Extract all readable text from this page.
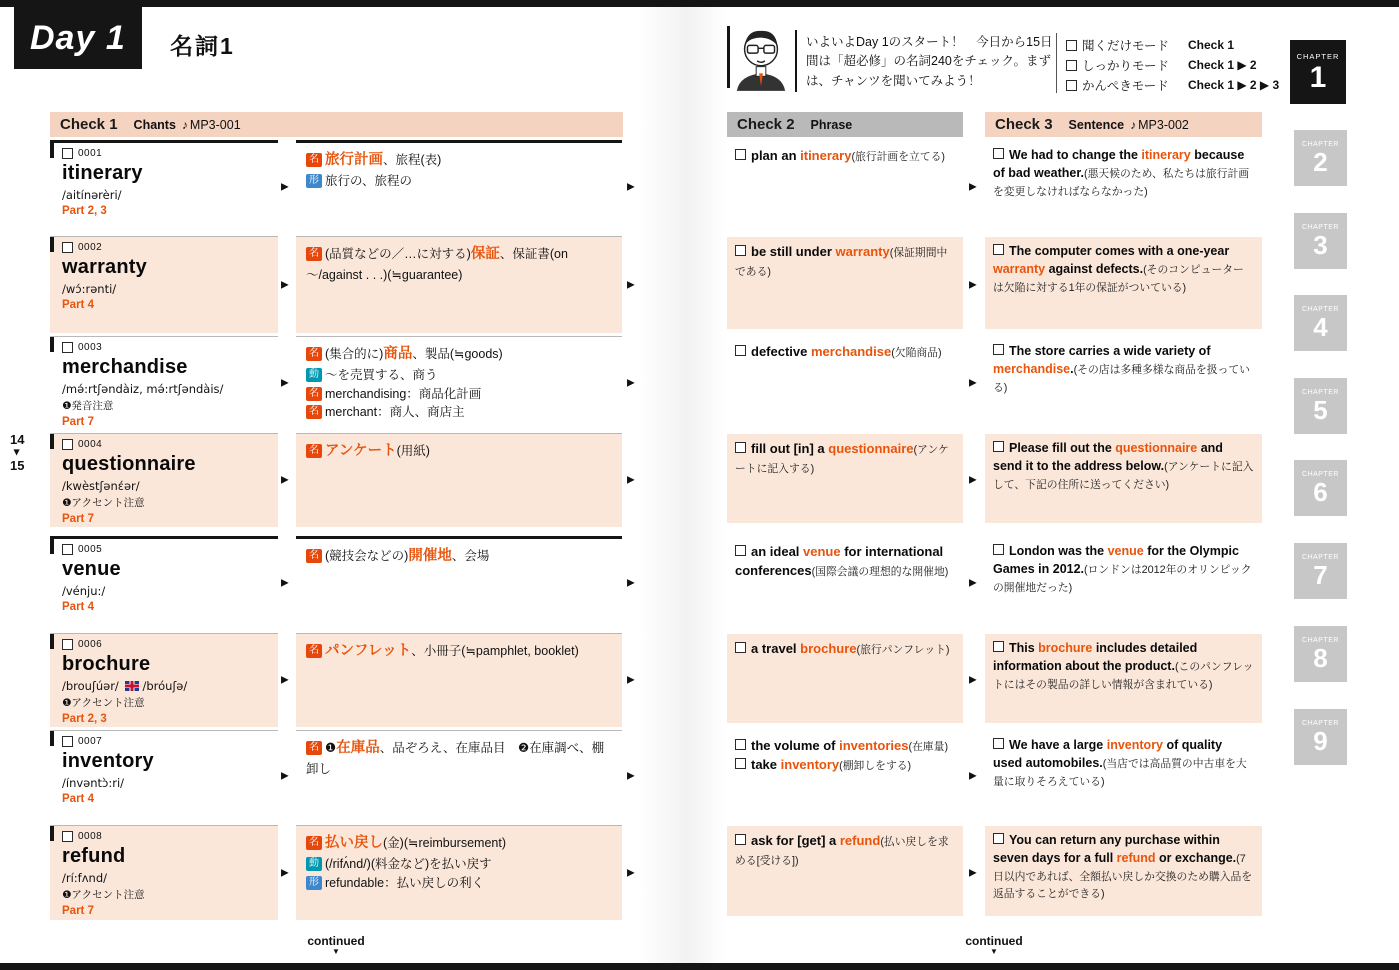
Day 1	名詞1	いよいよDay 1のスタート！　今日から15日間は「超必修」の名詞240をチェック。まずは、チャンツを聞いてみよう！
聞くだけモード	Check 1
しっかりモード	Check 1 ▶ 2
かんぺきモード	Check 1 ▶ 2 ▶ 3
CHAPTER
1
CHAPTER
2
CHAPTER
3
CHAPTER
4
CHAPTER
5
CHAPTER
6
CHAPTER
7
CHAPTER
8
CHAPTER
9
14
▶
15
Check 1 Chants ♪ MP3-001	Check 2 Phrase	Check 3 Sentence ♪ MP3-002
0001
itinerary
/aitínərèri/
Part 2, 3
▶
名 旅行計画、旅程(表)
形 旅行の、旅程の	▶
plan an itinerary(旅行計画を立てる)
▶
We had to change the itinerary because of bad weather.(悪天候のため、私たちは旅行計画を変更しなければならなかった)
0002
warranty
/wɔ́:rənti/
Part 4
▶
名 (品質などの／…に対する)保証、保証書(on 〜/against . . .)(≒guarantee)
▶
be still under warranty(保証期間中である)
▶
The computer comes with a one-year warranty against defects.(そのコンピューターは欠陥に対する1年の保証がついている)
0003
merchandise
/mə́:rtʃəndàiz, mə́:rtʃəndàis/
❶発音注意
Part 7
▶
名 (集合的に)商品、製品(≒goods)
動 〜を売買する、商う
名 merchandising：商品化計画
名 merchant：商人、商店主
▶
defective merchandise(欠陥商品)
▶
The store carries a wide variety of merchandise.(その店は多種多様な商品を扱っている)
0004
questionnaire
/kwèstʃənɛ́ər/
❶アクセント注意
Part 7
▶
名 アンケート(用紙)
▶
fill out [in] a questionnaire(アンケートに記入する)
▶
Please fill out the questionnaire and send it to the address below.(アンケートに記入して、下記の住所に送ってください)
0005
venue
/vénju:/
Part 4
▶
名 (競技会などの)開催地、会場
▶
an ideal venue for international conferences(国際会議の理想的な開催地)
▶
London was the venue for the Olympic Games in 2012.(ロンドンは2012年のオリンピックの開催地だった)
0006
brochure
/brouʃúər/ /bróuʃə/
❶アクセント注意
Part 2, 3
▶
名 パンフレット、小冊子(≒pamphlet, booklet)
▶
a travel brochure(旅行パンフレット)
▶
This brochure includes detailed information about the product.(このパンフレットにはその製品の詳しい情報が含まれている)
0007
inventory
/ínvəntɔ̀:ri/
Part 4
▶
名 ❶在庫品、品ぞろえ、在庫品目　❷在庫調べ、棚卸し
▶
the volume of inventories(在庫量)
take inventory(棚卸しをする)
▶
We have a large inventory of quality used automobiles.(当店では高品質の中古車を大量に取りそろえている)
0008
refund
/rí:fʌnd/
❶アクセント注意
Part 7
▶
名 払い戻し(金)(≒reimbursement)
動 (/rifʌ́nd/)(料金など)を払い戻す
形 refundable：払い戻しの利く
▶
ask for [get] a refund(払い戻しを求める[受ける])
▶
You can return any purchase within seven days for a full refund or exchange.(7日以内であれば、全額払い戻しか交換のため購入品を返品することができる)
continued
▼
continued
▼
